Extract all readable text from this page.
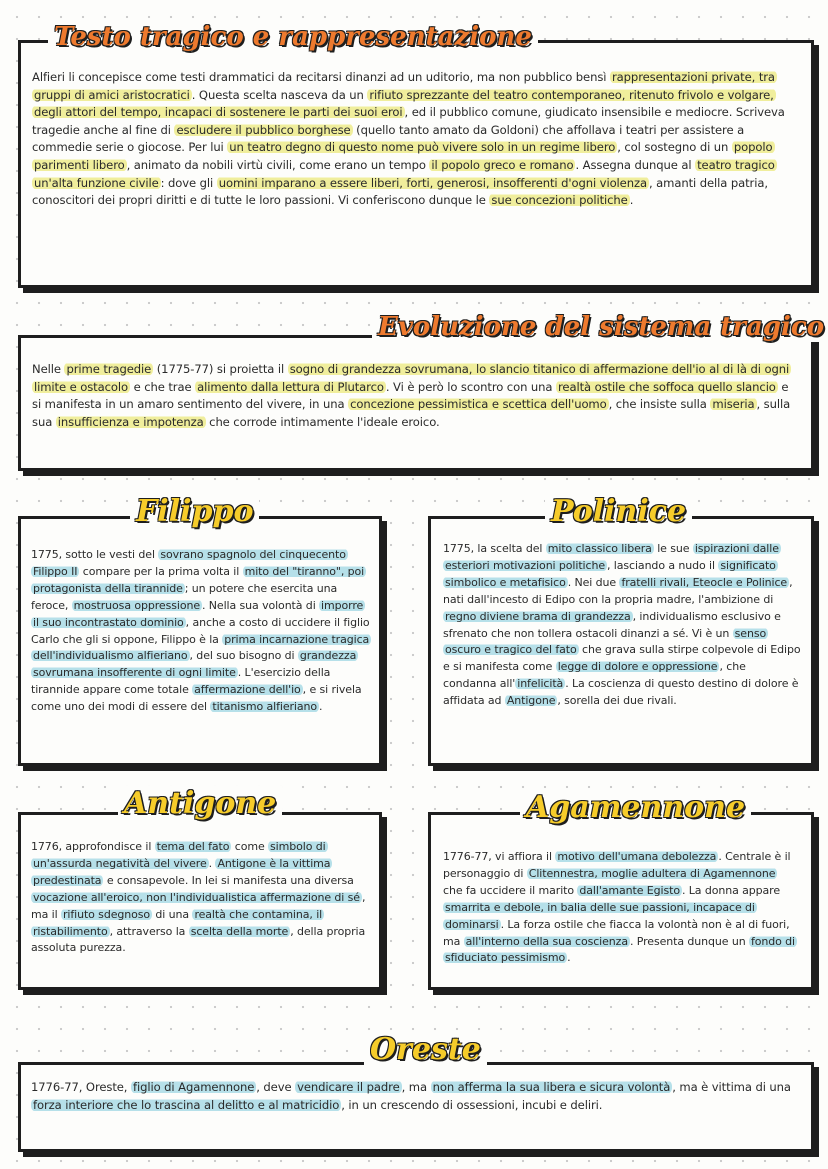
Alfieri li concepisce come testi drammatici da recitarsi dinanzi ad un uditorio, ma non pubblico bensì rappresentazioni private, tra gruppi di amici aristocratici . Questa scelta nasceva da un rifiuto sprezzante del teatro contemporaneo, ritenuto frivolo e volgare, degli attori del tempo, incapaci di sostenere le parti dei suoi eroi , ed il pubblico comune, giudicato insensibile e mediocre. Scriveva tragedie anche al fine di escludere il pubblico borghese (quello tanto amato da Goldoni) che affollava i teatri per assistere a commedie serie o giocose. Per lui un teatro degno di questo nome può vivere solo in un regime libero , col sostegno di un popolo parimenti libero , animato da nobili virtù civili, come erano un tempo il popolo greco e romano . Assegna dunque al teatro tragico un'alta funzione civile : dove gli uomini imparano a essere liberi, forti, generosi, insofferenti d'ogni violenza , amanti della patria, conoscitori dei propri diritti e di tutte le loro passioni. Vi conferiscono dunque le sue concezioni politiche .

Testo tragico e rappresentazione

Nelle prime tragedie (1775-77) si proietta il sogno di grandezza sovrumana, lo slancio titanico di affermazione dell'io al di là di ogni limite e ostacolo e che trae alimento dalla lettura di Plutarco . Vi è però lo scontro con una realtà ostile che soffoca quello slancio e si manifesta in un amaro sentimento del vivere, in una concezione pessimistica e scettica dell'uomo , che insiste sulla miseria , sulla sua insufficienza e impotenza che corrode intimamente l'ideale eroico.

Evoluzione del sistema tragico

1775, sotto le vesti del sovrano spagnolo del cinquecento Filippo II compare per la prima volta il mito del "tiranno", poi protagonista della tirannide ; un potere che esercita una feroce, mostruosa oppressione . Nella sua volontà di imporre il suo incontrastato dominio , anche a costo di uccidere il figlio Carlo che gli si oppone, Filippo è la prima incarnazione tragica dell'individualismo alfieriano , del suo bisogno di grandezza sovrumana insofferente di ogni limite . L'esercizio della tirannide appare come totale affermazione dell'io , e si rivela come uno dei modi di essere del titanismo alfieriano .

Filippo

1775, la scelta del mito classico libera le sue ispirazioni dalle esteriori motivazioni politiche , lasciando a nudo il significato simbolico e metafisico . Nei due fratelli rivali, Eteocle e Polinice , nati dall'incesto di Edipo con la propria madre, l'ambizione di regno diviene brama di grandezza , individualismo esclusivo e sfrenato che non tollera ostacoli dinanzi a sé. Vi è un senso oscuro e tragico del fato che grava sulla stirpe colpevole di Edipo e si manifesta come legge di dolore e oppressione , che condanna all' infelicità . La coscienza di questo destino di dolore è affidata ad Antigone , sorella dei due rivali.

Polinice

1776, approfondisce il tema del fato come simbolo di un'assurda negatività del vivere . Antigone è la vittima predestinata e consapevole. In lei si manifesta una diversa vocazione all'eroico, non l'individualistica affermazione di sé , ma il rifiuto sdegnoso di una realtà che contamina, il ristabilimento , attraverso la scelta della morte , della propria assoluta purezza.

Antigone

1776-77, vi affiora il motivo dell'umana debolezza . Centrale è il personaggio di Clitennestra, moglie adultera di Agamennone che fa uccidere il marito dall'amante Egisto . La donna appare smarrita e debole, in balia delle sue passioni, incapace di dominarsi . La forza ostile che fiacca la volontà non è al di fuori, ma all'interno della sua coscienza . Presenta dunque un fondo di sfiduciato pessimismo .

Agamennone

1776-77, Oreste, figlio di Agamennone , deve vendicare il padre , ma non afferma la sua libera e sicura volontà , ma è vittima di una forza interiore che lo trascina al delitto e al matricidio , in un crescendo di ossessioni, incubi e deliri.

Oreste
